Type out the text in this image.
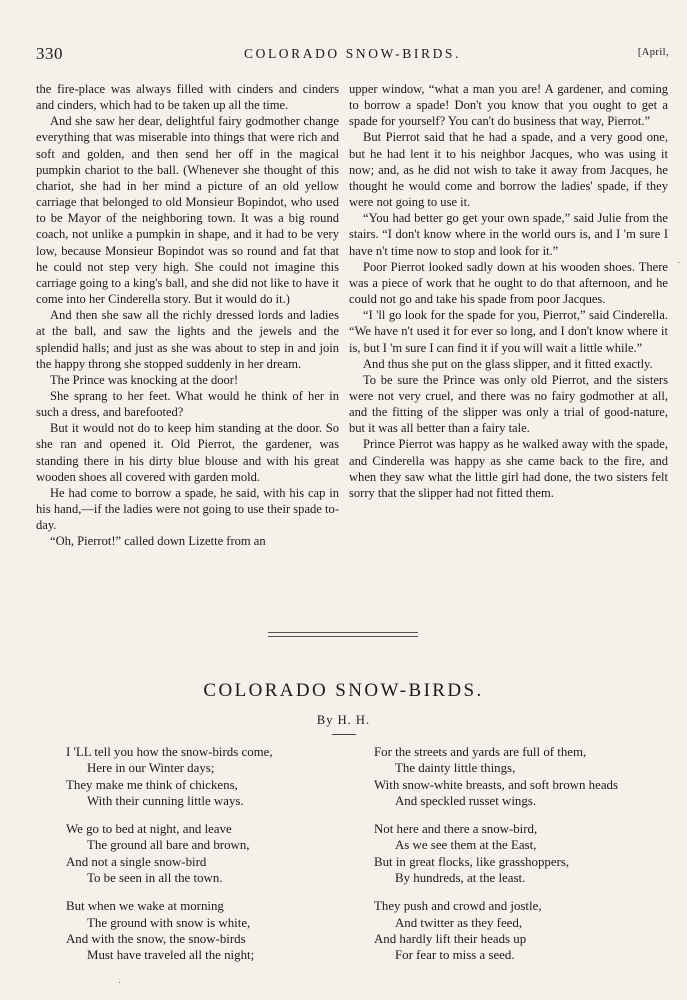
330	COLORADO SNOW-BIRDS.	[April,

the fire-place was always filled with cinders and cinders and cinders, which had to be taken up all the time.

And she saw her dear, delightful fairy godmother change everything that was miserable into things that were rich and soft and golden, and then send her off in the magical pumpkin chariot to the ball. (Whenever she thought of this chariot, she had in her mind a picture of an old yellow carriage that belonged to old Monsieur Bopindot, who used to be Mayor of the neighboring town. It was a big round coach, not unlike a pumpkin in shape, and it had to be very low, because Monsieur Bopindot was so round and fat that he could not step very high. She could not imagine this carriage going to a king's ball, and she did not like to have it come into her Cinderella story. But it would do it.)

And then she saw all the richly dressed lords and ladies at the ball, and saw the lights and the jewels and the splendid halls; and just as she was about to step in and join the happy throng she stopped suddenly in her dream.

The Prince was knocking at the door!

She sprang to her feet. What would he think of her in such a dress, and barefooted?

But it would not do to keep him standing at the door. So she ran and opened it. Old Pierrot, the gardener, was standing there in his dirty blue blouse and with his great wooden shoes all covered with garden mold.

He had come to borrow a spade, he said, with his cap in his hand,—if the ladies were not going to use their spade to-day.

“Oh, Pierrot!” called down Lizette from an

upper window, “what a man you are! A gardener, and coming to borrow a spade! Don't you know that you ought to get a spade for yourself? You can't do business that way, Pierrot.”

But Pierrot said that he had a spade, and a very good one, but he had lent it to his neighbor Jacques, who was using it now; and, as he did not wish to take it away from Jacques, he thought he would come and borrow the ladies' spade, if they were not going to use it.

“You had better go get your own spade,” said Julie from the stairs. “I don't know where in the world ours is, and I 'm sure I have n't time now to stop and look for it.”

Poor Pierrot looked sadly down at his wooden shoes. There was a piece of work that he ought to do that afternoon, and he could not go and take his spade from poor Jacques.

“I 'll go look for the spade for you, Pierrot,” said Cinderella. “We have n't used it for ever so long, and I don't know where it is, but I 'm sure I can find it if you will wait a little while.”

And thus she put on the glass slipper, and it fitted exactly.

To be sure the Prince was only old Pierrot, and the sisters were not very cruel, and there was no fairy godmother at all, and the fitting of the slipper was only a trial of good-nature, but it was all better than a fairy tale.

Prince Pierrot was happy as he walked away with the spade, and Cinderella was happy as she came back to the fire, and when they saw what the little girl had done, the two sisters felt sorry that the slipper had not fitted them.

COLORADO SNOW-BIRDS.
By H. H.
I 'LL tell you how the snow-birds come,
Here in our Winter days;
They make me think of chickens,
With their cunning little ways.
We go to bed at night, and leave
The ground all bare and brown,
And not a single snow-bird
To be seen in all the town.
But when we wake at morning
The ground with snow is white,
And with the snow, the snow-birds
Must have traveled all the night;
For the streets and yards are full of them,
The dainty little things,
With snow-white breasts, and soft brown heads
And speckled russet wings.
Not here and there a snow-bird,
As we see them at the East,
But in great flocks, like grasshoppers,
By hundreds, at the least.
They push and crowd and jostle,
And twitter as they feed,
And hardly lift their heads up
For fear to miss a seed.
·
·
